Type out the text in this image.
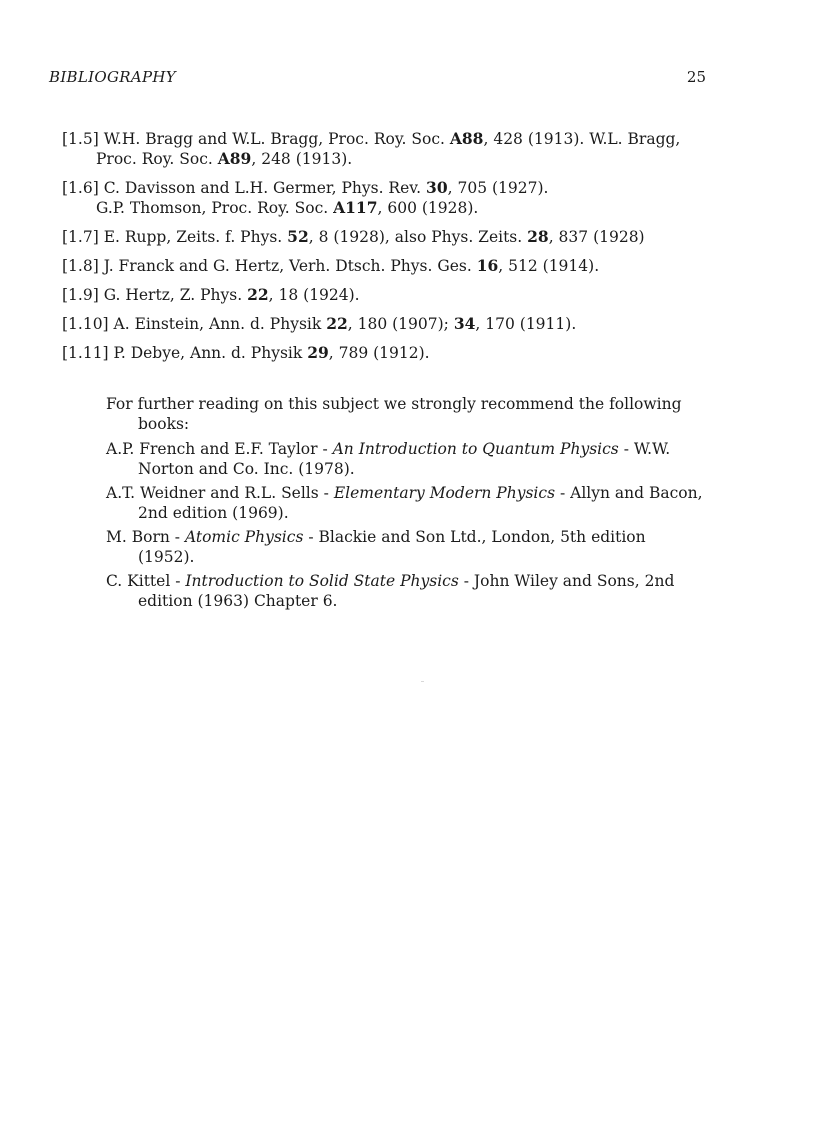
BIBLIOGRAPHY	25

[1.5] W.H. Bragg and W.L. Bragg, Proc. Roy. Soc. A88, 428 (1913). W.L. Bragg, Proc. Roy. Soc. A89, 248 (1913).

[1.6] C. Davisson and L.H. Germer, Phys. Rev. 30, 705 (1927).
G.P. Thomson, Proc. Roy. Soc. A117, 600 (1928).

[1.7] E. Rupp, Zeits. f. Phys. 52, 8 (1928), also Phys. Zeits. 28, 837 (1928)

[1.8] J. Franck and G. Hertz, Verh. Dtsch. Phys. Ges. 16, 512 (1914).

[1.9] G. Hertz, Z. Phys. 22, 18 (1924).

[1.10] A. Einstein, Ann. d. Physik 22, 180 (1907); 34, 170 (1911).

[1.11] P. Debye, Ann. d. Physik 29, 789 (1912).

For further reading on this subject we strongly recommend the following books:

A.P. French and E.F. Taylor - An Introduction to Quantum Physics - W.W. Norton and Co. Inc. (1978).

A.T. Weidner and R.L. Sells - Elementary Modern Physics - Allyn and Bacon, 2nd edition (1969).

M. Born - Atomic Physics - Blackie and Son Ltd., London, 5th edition (1952).

C. Kittel - Introduction to Solid State Physics - John Wiley and Sons, 2nd edition (1963) Chapter 6.
